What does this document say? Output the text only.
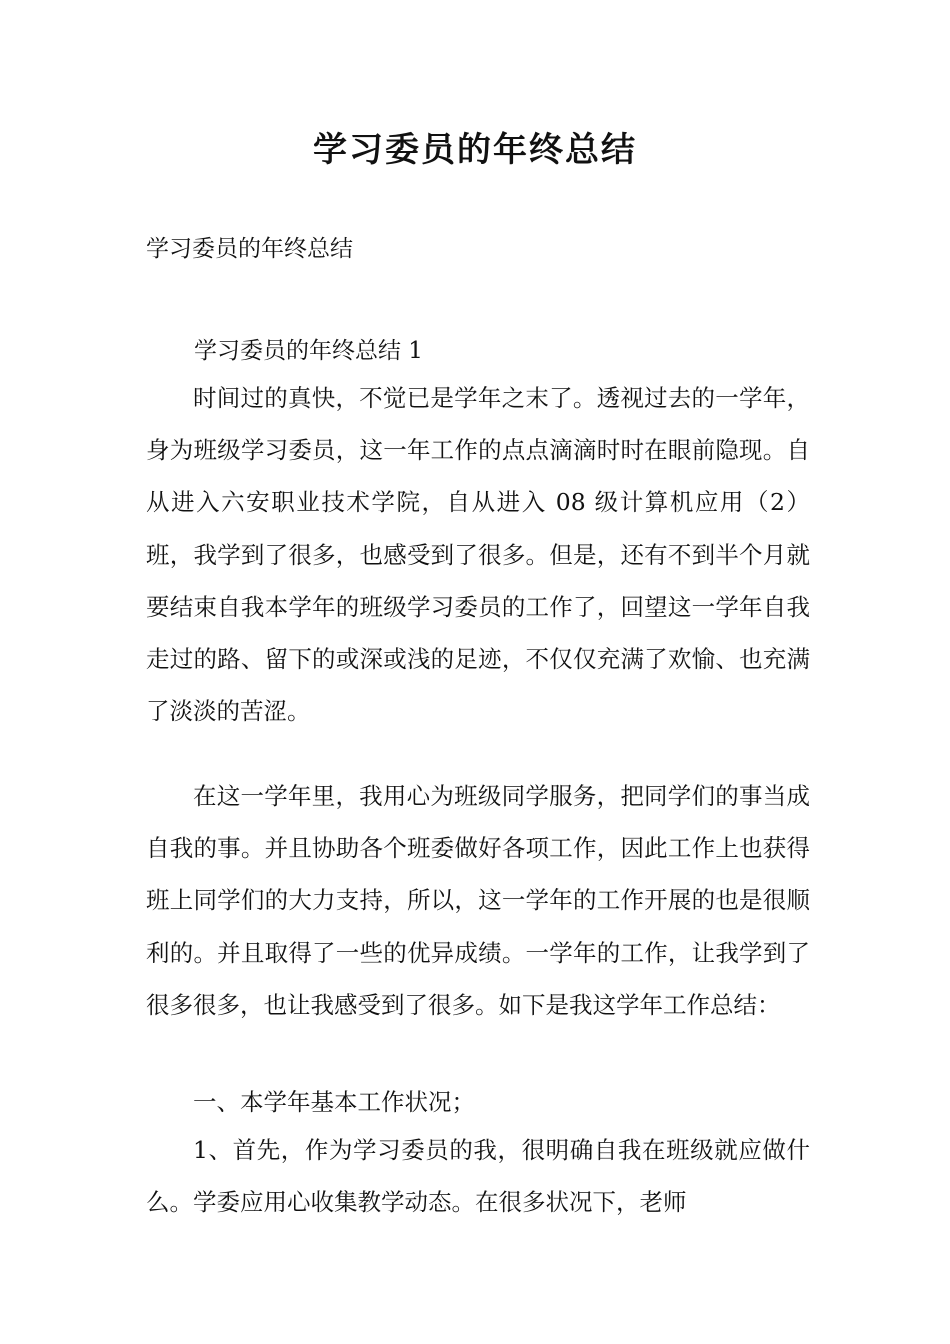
学习委员的年终总结
学习委员的年终总结
学习委员的年终总结 1

时间过的真快，不觉已是学年之末了。透视过去的一学年，身为班级学习委员，这一年工作的点点滴滴时时在眼前隐现。自从进入六安职业技术学院，自从进入 08 级计算机应用（2）班，我学到了很多，也感受到了很多。但是，还有不到半个月就要结束自我本学年的班级学习委员的工作了，回望这一学年自我走过的路、留下的或深或浅的足迹，不仅仅充满了欢愉、也充满了淡淡的苦涩。

在这一学年里，我用心为班级同学服务，把同学们的事当成自我的事。并且协助各个班委做好各项工作，因此工作上也获得班上同学们的大力支持，所以，这一学年的工作开展的也是很顺利的。并且取得了一些的优异成绩。一学年的工作，让我学到了很多很多，也让我感受到了很多。如下是我这学年工作总结：

一、本学年基本工作状况；

1、首先，作为学习委员的我，很明确自我在班级就应做什么。学委应用心收集教学动态。在很多状况下，老师
